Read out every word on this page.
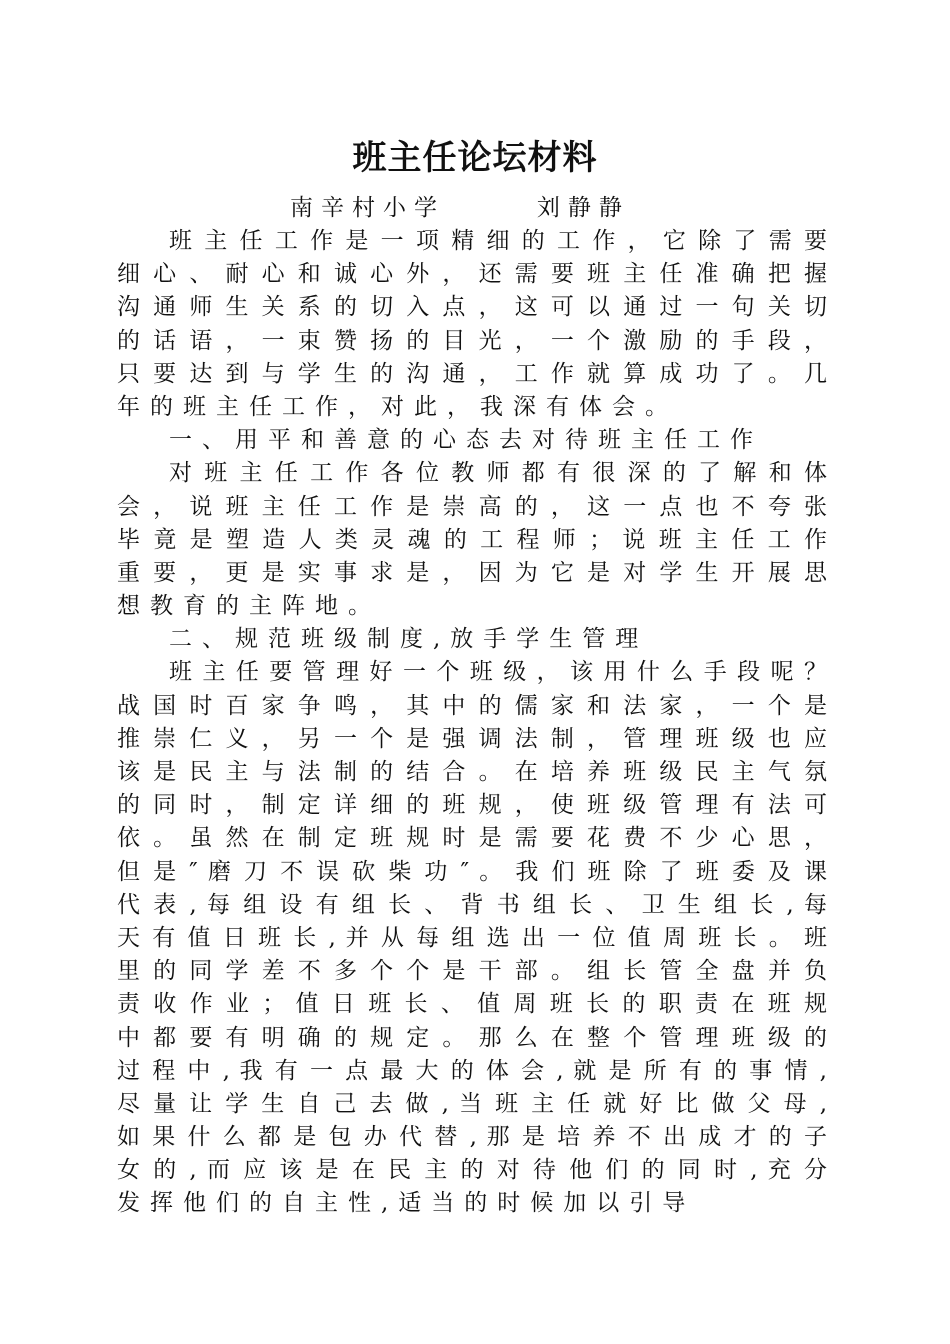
班主任论坛材料
南辛村小学      刘静静
班 主 任 工 作 是 一 项 精 细 的 工 作 ， 它 除 了 需 要
细 心 、 耐 心 和 诚 心 外 ， 还 需 要 班 主 任 准 确 把 握
沟 通 师 生 关 系 的 切 入 点 ， 这 可 以 通 过 一 句 关 切
的 话 语 ， 一 束 赞 扬 的 目 光 ， 一 个 激 励 的 手 段 ，
只 要 达 到 与 学 生 的 沟 通 ， 工 作 就 算 成 功 了 。 几
年的班主任工作，对此，我深有体会。
一、用平和善意的心态去对待班主任工作
对 班 主 任 工 作 各 位 教 师 都 有 很 深 的 了 解 和 体
会 ， 说 班 主 任 工 作 是 崇 高 的 ， 这 一 点 也 不 夸 张
毕 竟 是 塑 造 人 类 灵 魂 的 工 程 师 ； 说 班 主 任 工 作
重 要 ， 更 是 实 事 求 是 ， 因 为 它 是 对 学 生 开 展 思
想教育的主阵地。
二、规范班级制度,放手学生管理
班 主 任 要 管 理 好 一 个 班 级 ， 该 用 什 么 手 段 呢 ？
战 国 时 百 家 争 鸣 ， 其 中 的 儒 家 和 法 家 ， 一 个 是
推 崇 仁 义 ， 另 一 个 是 强 调 法 制 ， 管 理 班 级 也 应
该 是 民 主 与 法 制 的 结 合 。 在 培 养 班 级 民 主 气 氛
的 同 时 ， 制 定 详 细 的 班 规 ， 使 班 级 管 理 有 法 可
依 。 虽 然 在 制 定 班 规 时 是 需 要 花 费 不 少 心 思 ，
但 是 ″ 磨 刀 不 误 砍 柴 功 ″ 。 我 们 班 除 了 班 委 及 课
代 表 , 每 组 设 有 组 长 、 背 书 组 长 、 卫 生 组 长 , 每
天 有 值 日 班 长 , 并 从 每 组 选 出 一 位 值 周 班 长 。 班
里 的 同 学 差 不 多 个 个 是 干 部 。 组 长 管 全 盘 并 负
责 收 作 业 ； 值 日 班 长 、 值 周 班 长 的 职 责 在 班 规
中 都 要 有 明 确 的 规 定 。 那 么 在 整 个 管 理 班 级 的
过 程 中 , 我 有 一 点 最 大 的 体 会 , 就 是 所 有 的 事 情 ,
尽 量 让 学 生 自 己 去 做 , 当 班 主 任 就 好 比 做 父 母 ,
如 果 什 么 都 是 包 办 代 替 , 那 是 培 养 不 出 成 才 的 子
女 的 , 而 应 该 是 在 民 主 的 对 待 他 们 的 同 时 , 充 分
发挥他们的自主性,适当的时候加以引导
